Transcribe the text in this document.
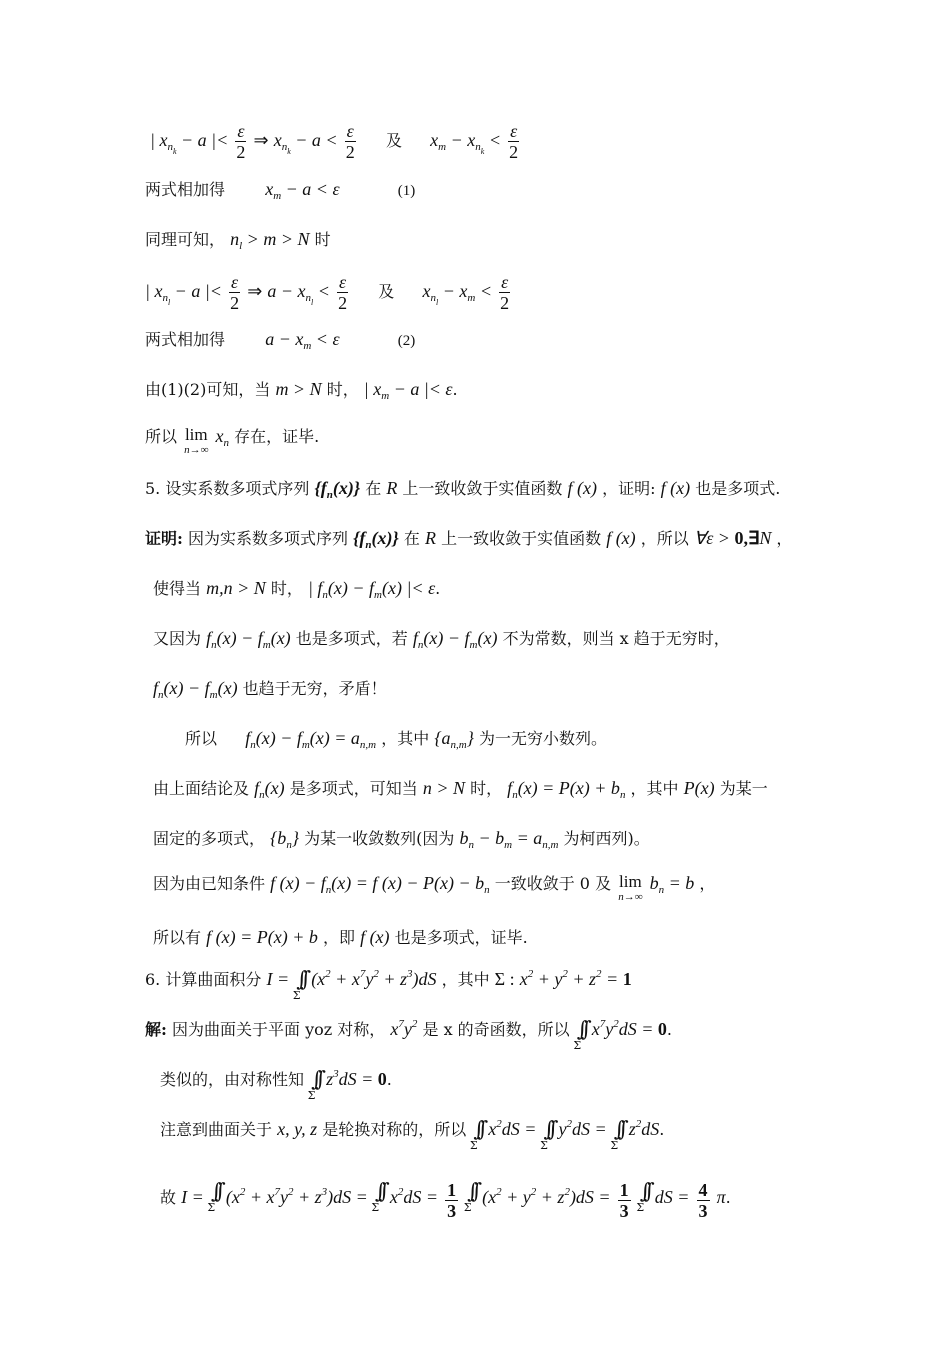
| $x_{n_k} - a$ |< $\frac{\varepsilon}{2}$ ⇒ $x_{n_k} - a < \frac{\varepsilon}{2}$ 及 $x_m - x_{n_k} < \frac{\varepsilon}{2}$
两式相加得 $x_m - a < \varepsilon$	(1)
同理可知， $n_l > m > N$ 时
| $x_{n_l} - a$ |< $\frac{\varepsilon}{2}$ ⇒ $a - x_{n_l} < \frac{\varepsilon}{2}$ 及 $x_{n_l} - x_m < \frac{\varepsilon}{2}$
两式相加得 $a - x_m < \varepsilon$	(2)
由(1)(2)可知，当 m > N 时， | $x_m - a$ |< ε.
所以 lim
n→∞
$x_n$ 存在，证毕.
5. 设实系数多项式序列 $\{f_n(x)\}$ 在 R 上一致收敛于实值函数 f (x) ，证明: f (x) 也是多项式.
证明: 因为实系数多项式序列 $\{f_n(x)\}$ 在 R 上一致收敛于实值函数 f (x) ，所以 ∀ε > 0,∃N ，
使得当 m,n > N 时， | $f_n(x) - f_m(x)$ |< ε.
又因为 $f_n(x) - f_m(x)$ 也是多项式，若 $f_n(x) - f_m(x)$ 不为常数，则当 x 趋于无穷时，
$f_n(x) - f_m(x)$ 也趋于无穷，矛盾！
所以 $f_n(x) - f_m(x) = a_{n,m}$ ，其中 $\{a_{n,m}\}$ 为一无穷小数列。
由上面结论及 $f_n(x)$ 是多项式，可知当 n > N 时， $f_n(x) = P(x) + b_n$ ，其中 P(x) 为某一
固定的多项式， $\{b_n\}$ 为某一收敛数列(因为 $b_n - b_m = a_{n,m}$ 为柯西列)。
因为由已知条件 f $(x) - f_n(x) = f$ $(x) - P(x) - b_n$ 一致收敛于 0 及 lim
n→∞
$b_n = b$ ，
所以有 f (x) = P(x) + b ，即 f (x) 也是多项式，证毕.
6. 计算曲面积分 I = ∫∫
Σ
$(x^2 + x^7y^2 + z^3)dS$ ，其中 Σ : $x^2 + y^2 + z^2 = 1$
解: 因为曲面关于平面 yoz 对称， $x^7y^2$ 是 x 的奇函数，所以 ∫∫
Σ
$x^7y^2dS = 0$.
类似的，由对称性知 ∫∫
Σ
$z^3dS = 0$.
注意到曲面关于 x, y, z 是轮换对称的，所以 ∫∫
Σ
$x^2dS$ = ∫∫
Σ
$y^2dS$ = ∫∫
Σ
$z^2dS$.
故 I = ∫∫
Σ
$(x^2 + x^7y^2 + z^3)dS$ = ∫∫
Σ
$x^2dS = \frac{1}{3}$
∫∫
Σ
$(x^2 + y^2 + z^2)dS = \frac{1}{3}$
∫∫
Σ
dS = $\frac{4}{3} \pi$.
